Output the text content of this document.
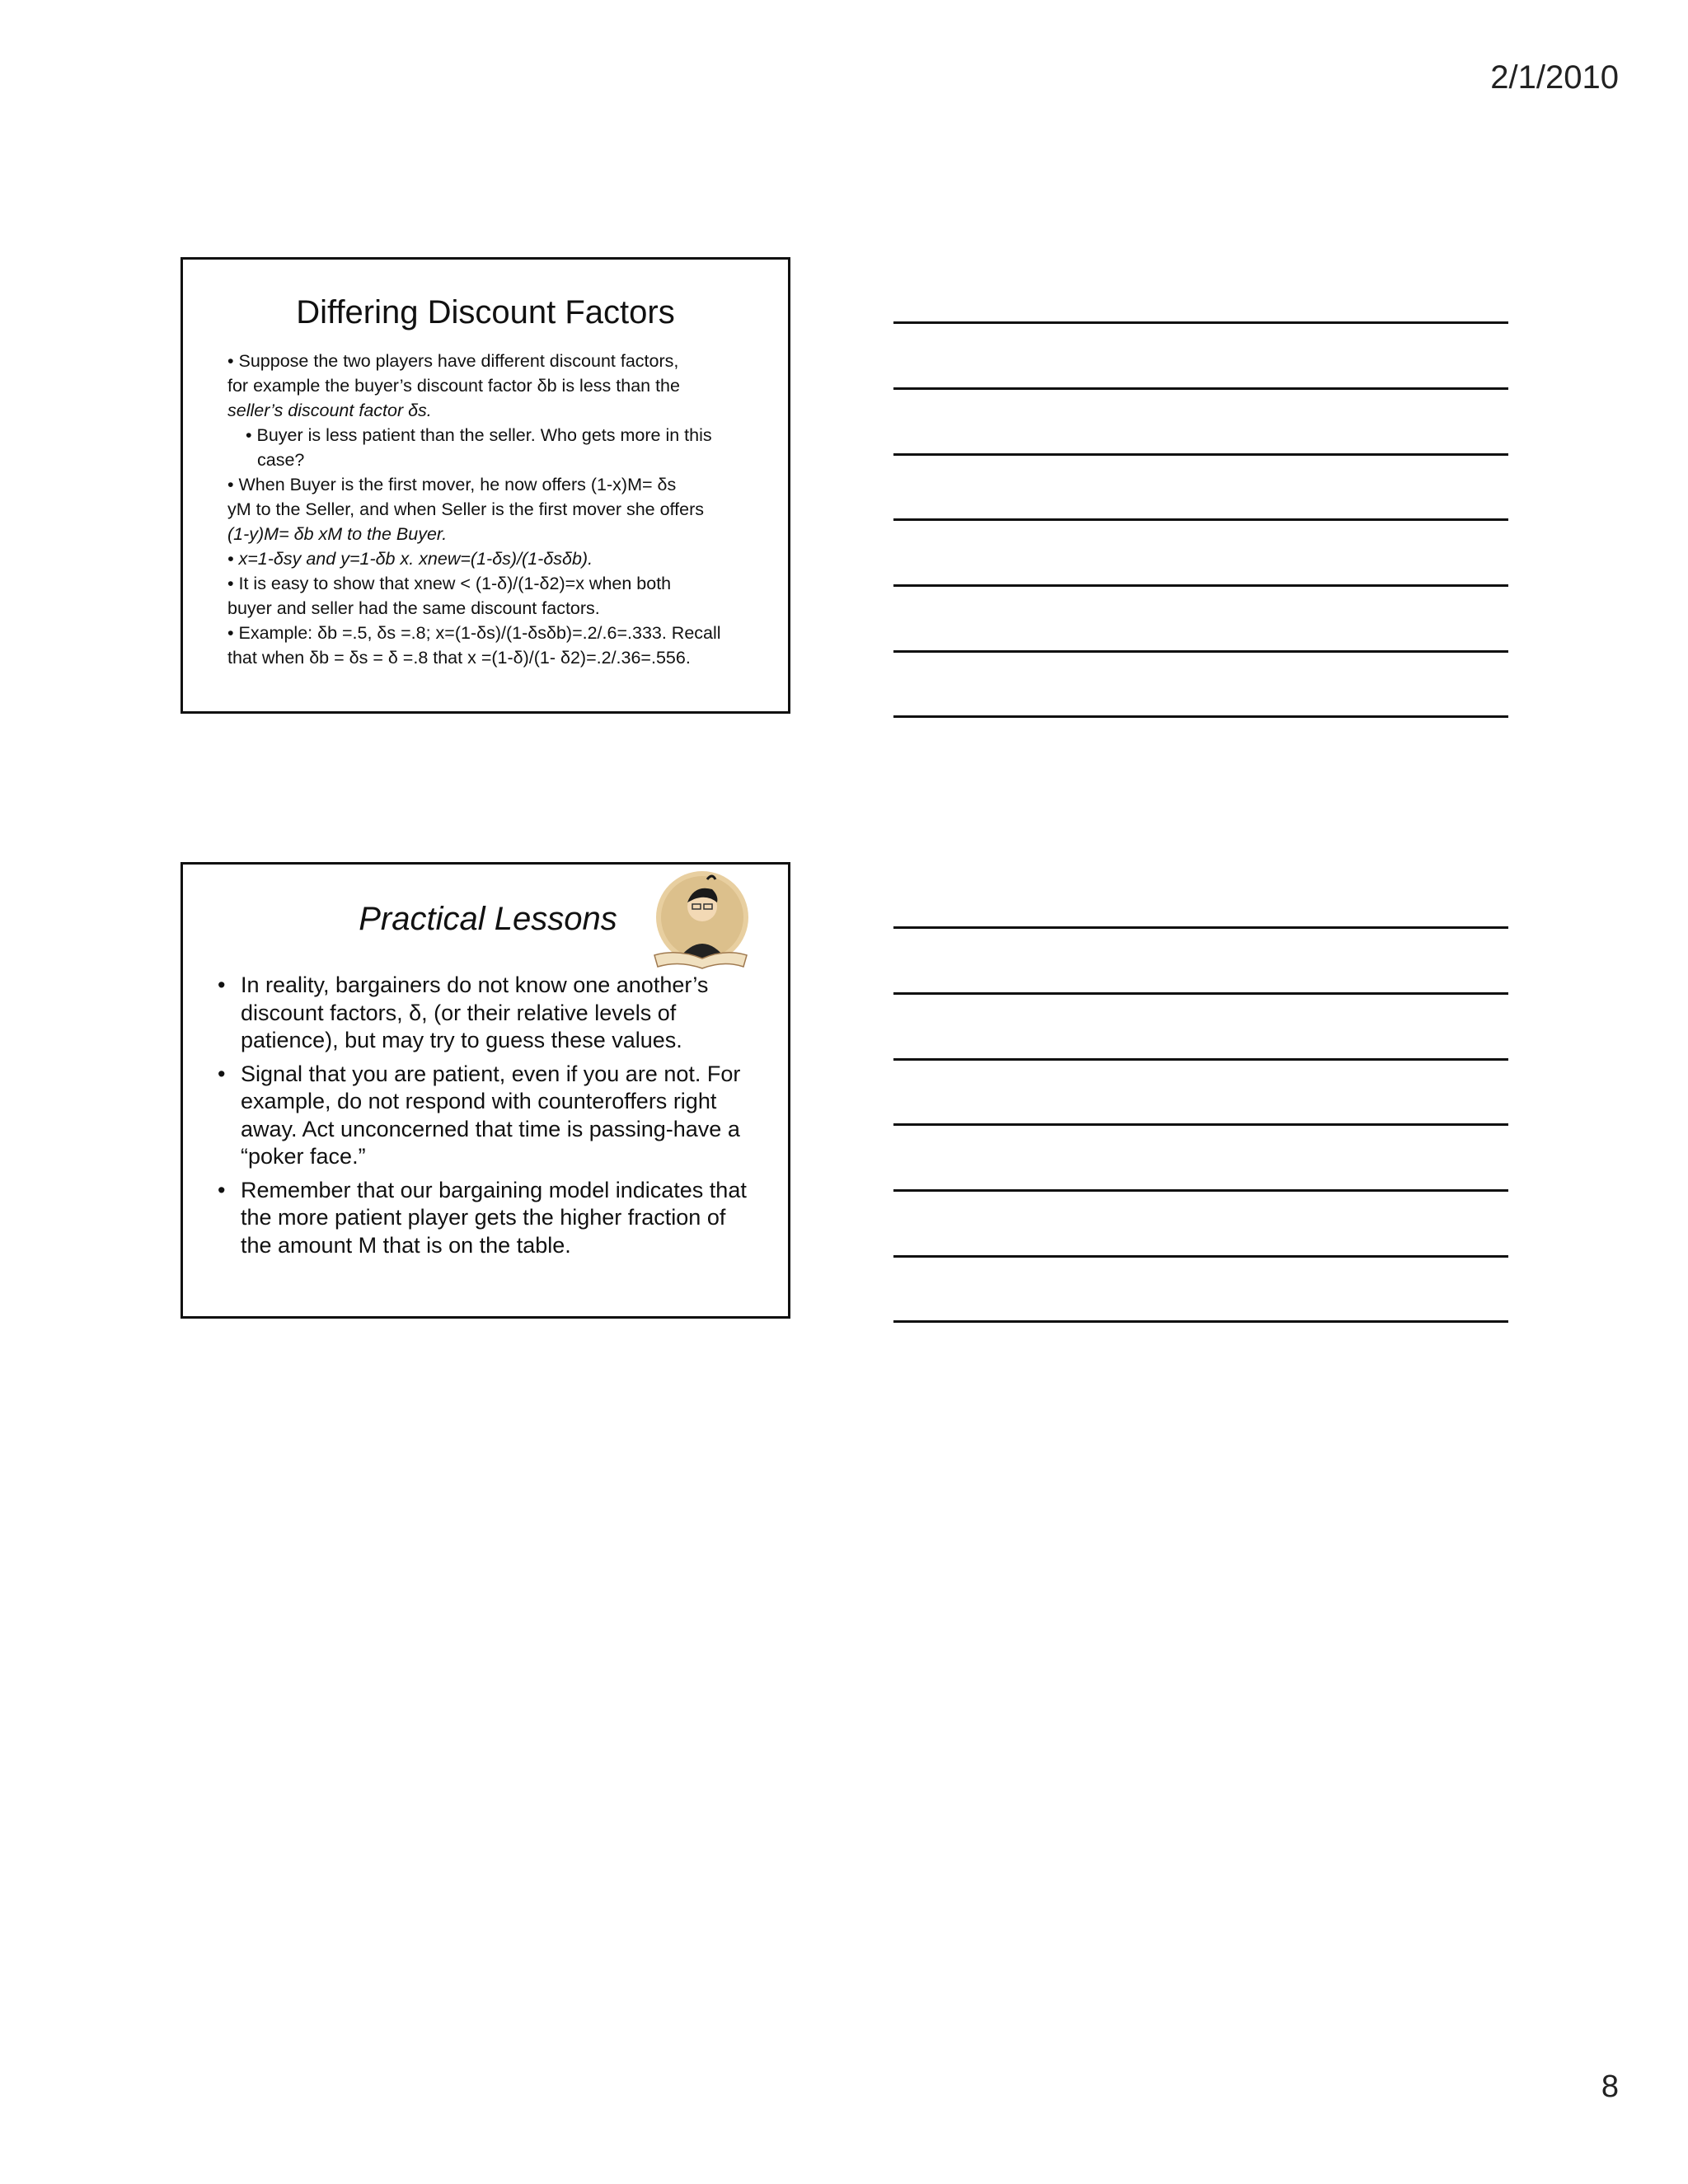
2/1/2010
Differing Discount Factors

• Suppose the two players have different discount factors,

for example the buyer’s discount factor δb is less than the

seller’s discount factor δs.

• Buyer is less patient than the seller. Who gets more in this case?

• When Buyer is the first mover, he now offers (1-x)M= δs

yM to the Seller, and when Seller is the first mover she offers

(1-y)M= δb xM to the Buyer.

• x=1-δsy and y=1-δb x. xnew=(1-δs)/(1-δsδb).

• It is easy to show that xnew < (1-δ)/(1-δ2)=x when both

buyer and seller had the same discount factors.

• Example: δb =.5, δs =.8; x=(1-δs)/(1-δsδb)=.2/.6=.333. Recall

that when δb = δs = δ =.8 that x =(1-δ)/(1- δ2)=.2/.36=.556.

Practical Lessons
• In reality, bargainers do not know one another’s discount factors, δ, (or their relative levels of patience), but may try to guess these values.
• Signal that you are patient, even if you are not. For example, do not respond with counteroffers right away. Act unconcerned that time is passing-have a “poker face.”
• Remember that our bargaining model indicates that the more patient player gets the higher fraction of the amount M that is on the table.
8
